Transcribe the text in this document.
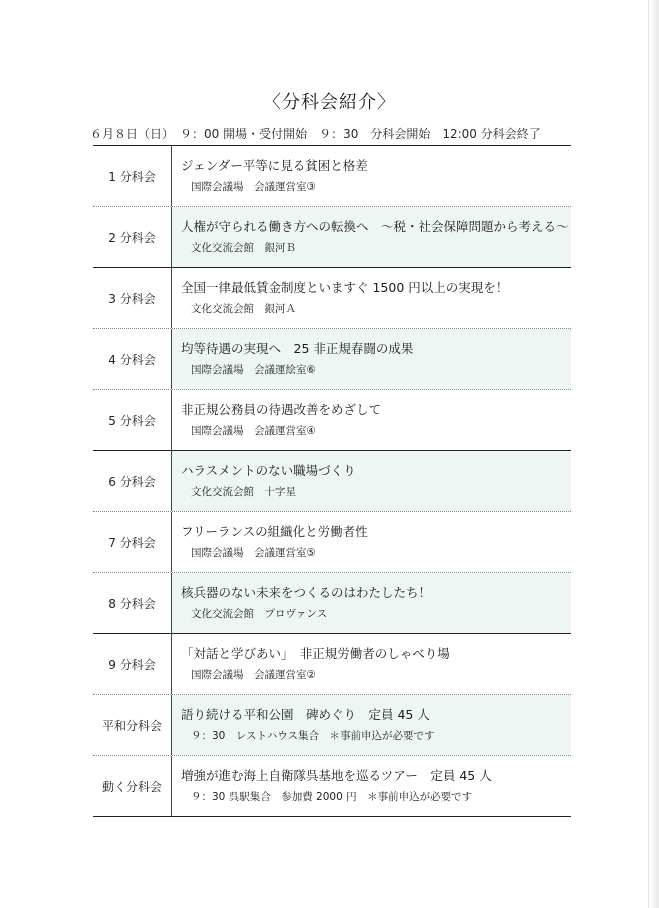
〈分科会紹介〉
６月８日（日）　９：00 開場・受付開始　９：30　分科会開始　12:00 分科会終了
1 分科会
ジェンダー平等に見る貧困と格差
国際会議場　会議運営室③
2 分科会
人権が守られる働き方への転換へ　～税・社会保障問題から考える～
文化交流会館　銀河Ｂ
3 分科会
全国一律最低賃金制度といますぐ 1500 円以上の実現を！
文化交流会館　銀河Ａ
4 分科会
均等待遇の実現へ　25 非正規春闘の成果
国際会議場　会議運絵室⑥
5 分科会
非正規公務員の待遇改善をめざして
国際会議場　会議運営室④
6 分科会
ハラスメントのない職場づくり
文化交流会館　十字星
7 分科会
フリーランスの組織化と労働者性
国際会議場　会議運営室⑤
8 分科会
核兵器のない未来をつくるのはわたしたち！
文化交流会館　プロヴァンス
9 分科会
「対話と学びあい」　非正規労働者のしゃべり場
国際会議場　会議運営室②
平和分科会
語り続ける平和公園　碑めぐり　定員 45 人
９：30　レストハウス集合　＊事前申込が必要です
動く分科会
増強が進む海上自衛隊呉基地を巡るツアー　定員 45 人
９：30 呉駅集合　参加費 2000 円　＊事前申込が必要です
